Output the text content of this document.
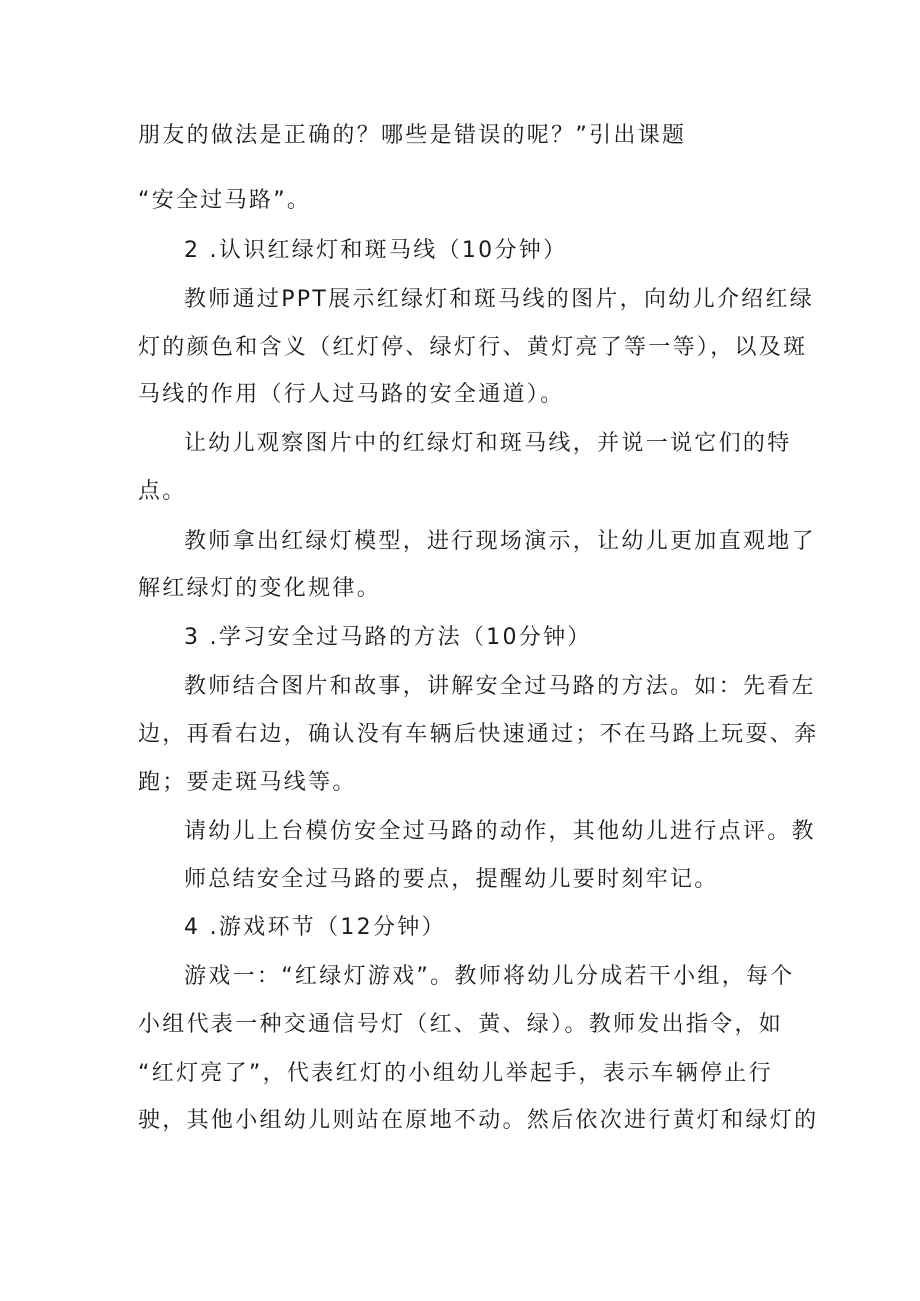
朋友的做法是正确的？哪些是错误的呢？”引出课题
“安全过马路”。
2 .认识红绿灯和斑马线（10分钟）
教师通过PPT展示红绿灯和斑马线的图片，向幼儿介绍红绿
灯的颜色和含义（红灯停、绿灯行、黄灯亮了等一等），以及斑
马线的作用（行人过马路的安全通道）。
让幼儿观察图片中的红绿灯和斑马线，并说一说它们的特
点。
教师拿出红绿灯模型，进行现场演示，让幼儿更加直观地了
解红绿灯的变化规律。
3 .学习安全过马路的方法（10分钟）
教师结合图片和故事，讲解安全过马路的方法。如：先看左
边，再看右边，确认没有车辆后快速通过；不在马路上玩耍、奔
跑；要走斑马线等。
请幼儿上台模仿安全过马路的动作，其他幼儿进行点评。教
师总结安全过马路的要点，提醒幼儿要时刻牢记。
4 .游戏环节（12分钟）
游戏一：“红绿灯游戏”。教师将幼儿分成若干小组，每个
小组代表一种交通信号灯（红、黄、绿）。教师发出指令，如
“红灯亮了”，代表红灯的小组幼儿举起手，表示车辆停止行
驶，其他小组幼儿则站在原地不动。然后依次进行黄灯和绿灯的
